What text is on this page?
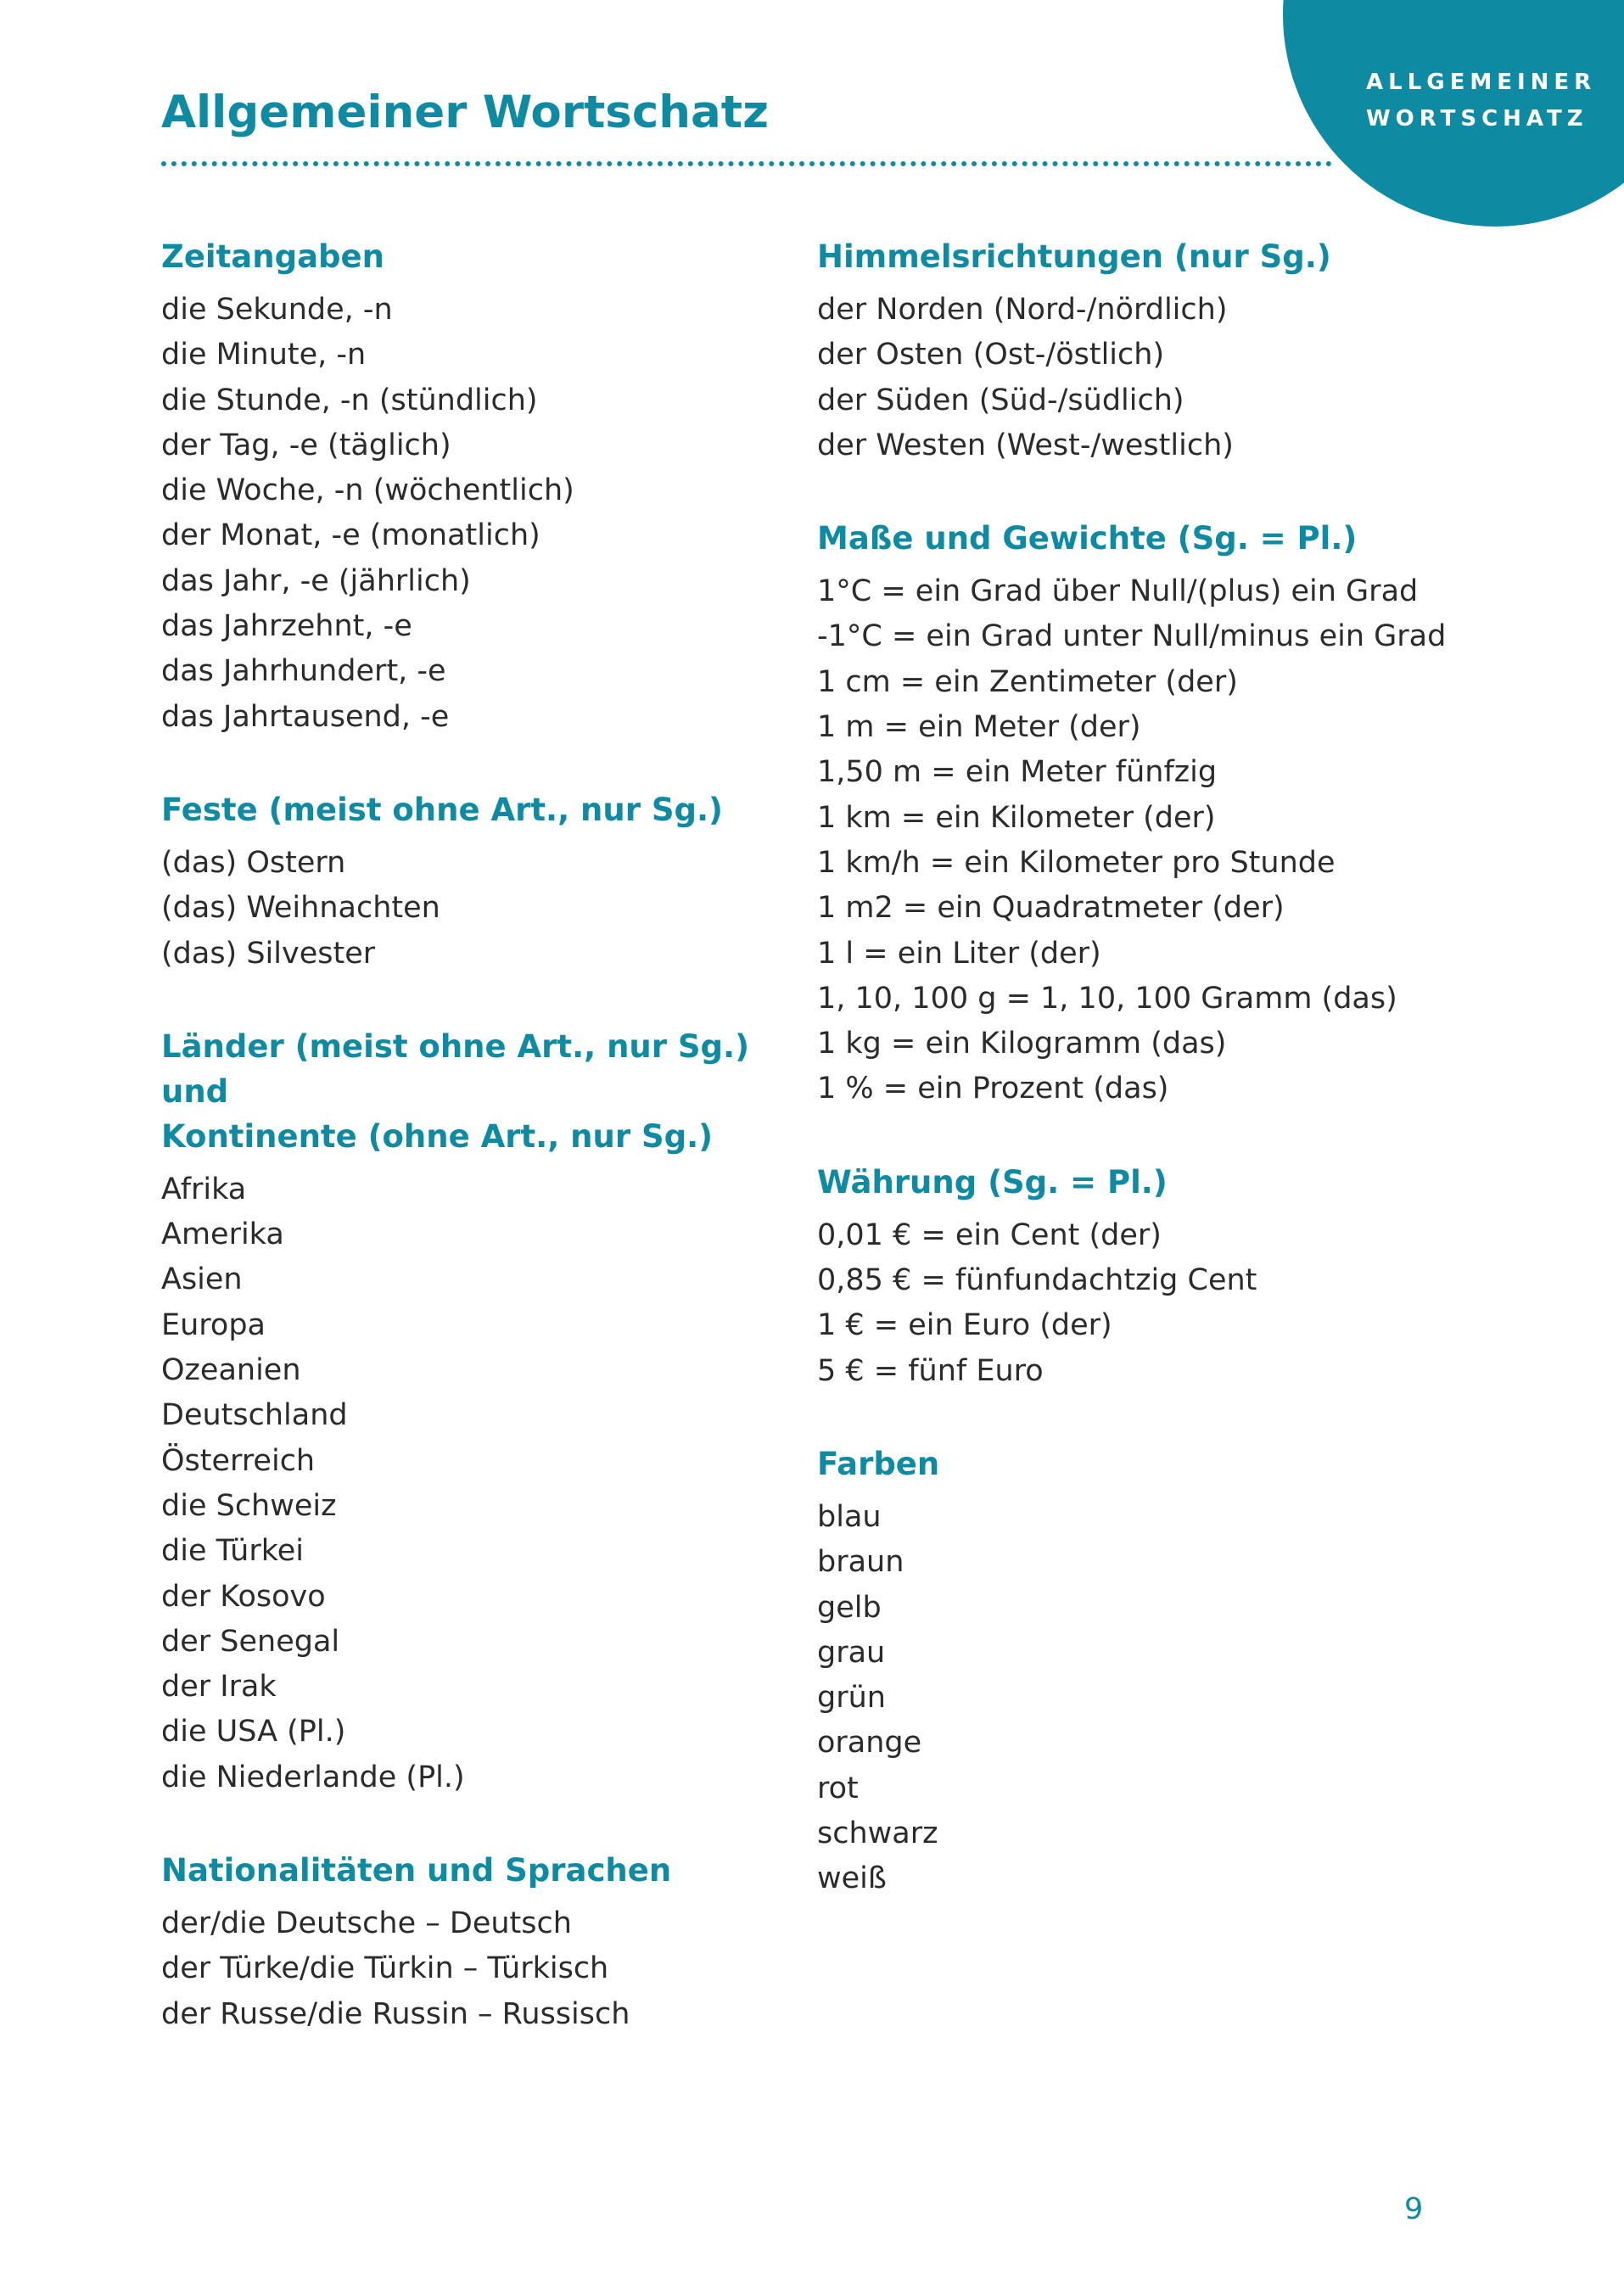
ALLGEMEINER
WORTSCHATZ
Allgemeiner Wortschatz
Zeitangaben
die Sekunde, -n
die Minute, -n
die Stunde, -n (stündlich)
der Tag, -e (täglich)
die Woche, -n (wöchentlich)
der Monat, -e (monatlich)
das Jahr, -e (jährlich)
das Jahrzehnt, -e
das Jahrhundert, -e
das Jahrtausend, -e
Feste (meist ohne Art., nur Sg.)
(das) Ostern
(das) Weihnachten
(das) Silvester
Länder (meist ohne Art., nur Sg.) und
Kontinente (ohne Art., nur Sg.)
Afrika
Amerika
Asien
Europa
Ozeanien
Deutschland
Österreich
die Schweiz
die Türkei
der Kosovo
der Senegal
der Irak
die USA (Pl.)
die Niederlande (Pl.)
Nationalitäten und Sprachen
der/die Deutsche – Deutsch
der Türke/die Türkin – Türkisch
der Russe/die Russin – Russisch
Himmelsrichtungen (nur Sg.)
der Norden (Nord-/nördlich)
der Osten (Ost-/östlich)
der Süden (Süd-/südlich)
der Westen (West-/westlich)
Maße und Gewichte (Sg. = Pl.)
1°C = ein Grad über Null/(plus) ein Grad
-1°C = ein Grad unter Null/minus ein Grad
1 cm = ein Zentimeter (der)
1 m = ein Meter (der)
1,50 m = ein Meter fünfzig
1 km = ein Kilometer (der)
1 km/h = ein Kilometer pro Stunde
1 m2 = ein Quadratmeter (der)
1 l = ein Liter (der)
1, 10, 100 g = 1, 10, 100 Gramm (das)
1 kg = ein Kilogramm (das)
1 % = ein Prozent (das)
Währung (Sg. = Pl.)
0,01 € = ein Cent (der)
0,85 € = fünfundachtzig Cent
1 € = ein Euro (der)
5 € = fünf Euro
Farben
blau
braun
gelb
grau
grün
orange
rot
schwarz
weiß
9
